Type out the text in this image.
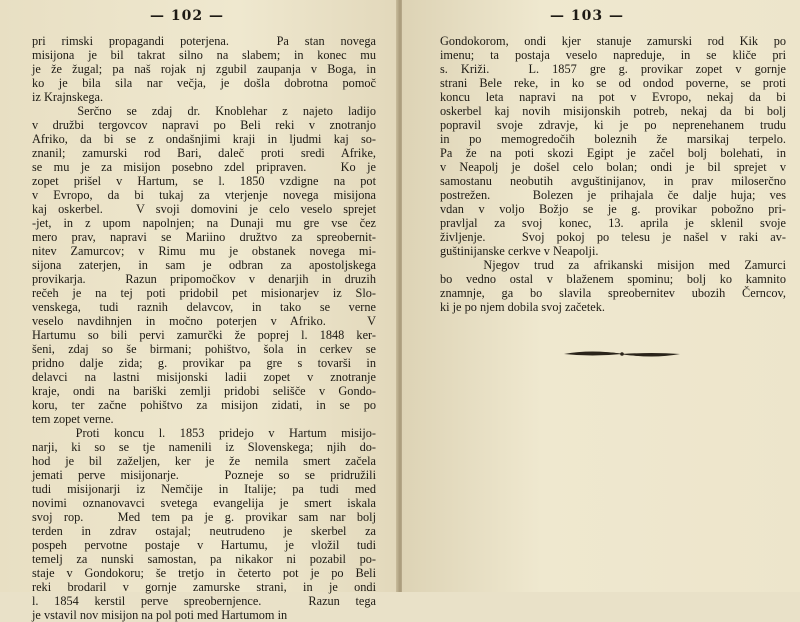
— 102 —
pri rimski propagandi poterjena.   Pa stan novega
misijona je bil takrat silno na slabem; in konec mu
je že žugal; pa naš rojak nj zgubil zaupanja v Boga, in
ko je bila sila nar večja, je došla dobrotna pomoč
iz Krajnskega.
Serčno se zdaj dr. Knoblehar z najeto ladijo
v družbi tergovcov napravi po Beli reki v znotranjo
Afriko, da bi se z ondašnjimi kraji in ljudmi kaj so-
znanil; zamurski rod Bari, daleč proti sredi Afrike,
se mu je za misijon posebno zdel pripraven.   Ko je
zopet prišel v Hartum, se l. 1850 vzdigne na pot
v Evropo, da bi tukaj za vterjenje novega misijona
kaj oskerbel.   V svoji domovini je celo veselo sprejet
-jet, in z upom napolnjen; na Dunaji mu gre vse čez
mero prav, napravi se Mariino družtvo za spreobernit-
nitev Zamurcov; v Rimu mu je obstanek novega mi-
sijona zaterjen, in sam je odbran za apostoljskega
provikarja.   Razun pripomočkov v denarjih in druzih
rečeh je na tej poti pridobil pet misionarjev iz Slo-
venskega, tudi raznih delavcov, in tako se verne
veselo navdihnjen in močno poterjen v Afriko.   V
Hartumu so bili pervi zamurčki že poprej l. 1848 ker-
šeni, zdaj so še birmani; pohištvo, šola in cerkev se
pridno dalje zida; g. provikar pa gre s tovarši in
delavci na lastni misijonski ladii zopet v znotranje
kraje, ondi na bariški zemlji pridobi selišče v Gondo-
koru, ter začne pohištvo za misijon zidati, in se po
tem zopet verne.
Proti koncu l. 1853 pridejo v Hartum misijo-
narji, ki so se tje namenili iz Slovenskega; njih do-
hod je bil zaželjen, ker je že nemila smert začela
jemati perve misijonarje.   Pozneje so se pridružili
tudi misijonarji iz Nemčije in Italije; pa tudi med
novimi oznanovavci svetega evangelija je smert iskala
svoj rop.   Med tem pa je g. provikar sam nar bolj
terden in zdrav ostajal; neutrudeno je skerbel za
pospeh pervotne postaje v Hartumu, je vložil tudi
temelj za nunski samostan, pa nikakor ni pozabil po-
staje v Gondokoru; še tretjo in četerto pot je po Beli
reki brodaril v gornje zamurske strani, in je ondi
l. 1854 kerstil perve spreobernjence.   Razun tega
je vstavil nov misijon na pol poti med Hartumom in
— 103 —
Gondokorom, ondi kjer stanuje zamurski rod Kik po
imenu; ta postaja veselo napreduje, in se kliče pri
s. Križi.   L. 1857 gre g. provikar zopet v gornje
strani Bele reke, in ko se od ondod poverne, se proti
koncu leta napravi na pot v Evropo, nekaj da bi
oskerbel kaj novih misijonskih potreb, nekaj da bi bolj
popravil svoje zdravje, ki je po neprenehanem trudu
in po memogredočih boleznih že marsikaj terpelo.
Pa že na poti skozi Egipt je začel bolj bolehati, in
v Neapolj je došel celo bolan; ondi je bil sprejet v
samostanu neobutih avguštinijanov, in prav miloserčno
postrežen.   Bolezen je prihajala če dalje huja; ves
vdan v voljo Božjo se je g. provikar pobožno pri-
pravljal za svoj konec, 13. aprila je sklenil svoje
življenje.   Svoj pokoj po telesu je našel v raki av-
guštinijanske cerkve v Neapolji.
Njegov trud za afrikanski misijon med Zamurci
bo vedno ostal v blaženem spominu; bolj ko kamnito
znamnje, ga bo slavila spreobernitev ubozih Černcov,
ki je po njem dobila svoj začetek.
